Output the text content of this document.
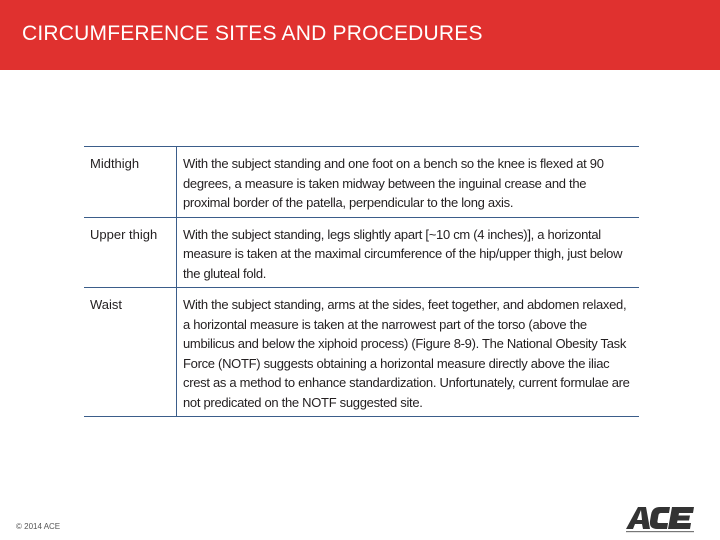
CIRCUMFERENCE SITES AND PROCEDURES
Midthigh	With the subject standing and one foot on a bench so the knee is flexed at 90 degrees, a measure is taken midway between the inguinal crease and the proximal border of the patella, perpendicular to the long axis.
Upper thigh	With the subject standing, legs slightly apart [~10 cm (4 inches)], a horizontal measure is taken at the maximal circumference of the hip/upper thigh, just below the gluteal fold.
Waist	With the subject standing, arms at the sides, feet together, and abdomen relaxed, a horizontal measure is taken at the narrowest part of the torso (above the umbilicus and below the xiphoid process) (Figure 8-9). The National Obesity Task Force (NOTF) suggests obtaining a horizontal measure directly above the iliac crest as a method to enhance standardization. Unfortunately, current formulae are not predicated on the NOTF suggested site.
© 2014 ACE
